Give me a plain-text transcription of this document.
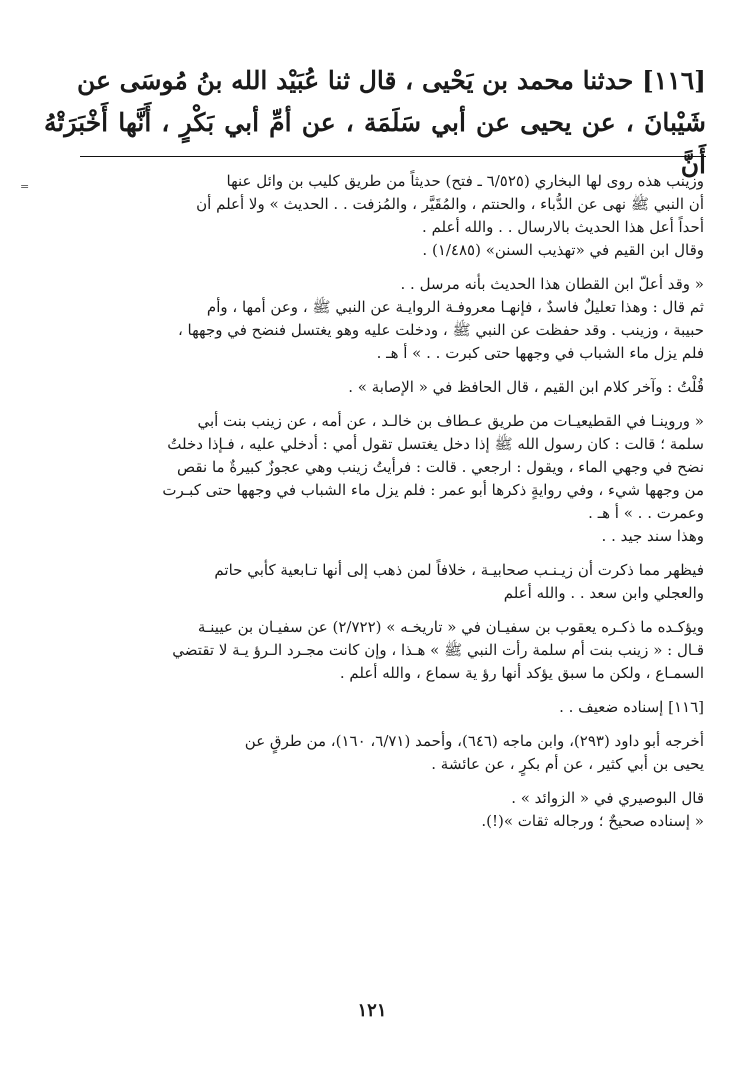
[١١٦] حدثنا محمد بن يَحْيى ، قال ثنا عُبَيْد الله بنُ مُوسَى عن

شَيْبانَ ، عن يحيى عن أبي سَلَمَة ، عن أمِّ أبي بَكْرٍ ، أَنَّها أَخْبَرَتْهُ أَنَّ

=	وزينب هذه روى لها البخاري (٦/٥٢٥ ـ فتح) حديثاً من طريق كليب بن وائل عنها

أن النبي ﷺ نهى عن الدُّباء ، والحنتم ، والمُقَيَّر ، والمُزفت . . الحديث » ولا أعلم أن

أحداً أعل هذا الحديث بالارسال . . والله أعلم .

وقال ابن القيم في «تهذيب السنن» (١/٤٨٥) .

« وقد أعلّ ابن القطان هذا الحديث بأنه مرسل . .

ثم قال : وهذا تعليلٌ فاسدٌ ، فإنهـا معروفـة الروايـة عن النبي ﷺ ، وعن أمها ، وأم

حبيبة ، وزينب . وقد حفظت عن النبي ﷺ ، ودخلت عليه وهو يغتسل فنضح في وجهها ،

فلم يزل ماء الشباب في وجهها حتى كبرت . . » أ هـ .

قُلْتُ : وآخر كلام ابن القيم ، قال الحافظ في « الإصابة » .

« وروينـا في القطيعيـات من طريق عـطاف بن خالـد ، عن أمه ، عن زينب بنت أبي

سلمة ؛ قالت : كان رسول الله ﷺ إذا دخل يغتسل تقول أمي : أدخلي عليه ، فـإذا دخلتُ

نضح في وجهي الماء ، ويقول : ارجعي . قالت : فرأيتُ زينب وهي عجوزٌ كبيرةٌ ما نقص

من وجهها شيء ، وفي روايةٍ ذكرها أبو عمر : فلم يزل ماء الشباب في وجهها حتى كبـرت

وعمرت . . » أ هـ .

وهذا سند جيد . .

فيظهر مما ذكرت أن زيـنـب صحابيـة ، خلافاً لمن ذهب إلى أنها تـابعية كأبي حاتم

والعجلي وابن سعد . . والله أعلم

ويؤكـده ما ذكـره يعقوب بن سفيـان في « تاريخـه » (٢/٧٢٢) عن سفيـان بن عيينـة

قـال : « زينب بنت أم سلمة رأت النبي ﷺ » هـذا ، وإن كانت مجـرد الـرؤ يـة لا تقتضي

السمـاع ، ولكن ما سبق يؤكد أنها رؤ ية سماع ، والله أعلم .

[١١٦] إسناده ضعيف . .

أخرجه أبو داود (٢٩٣)، وابن ماجه (٦٤٦)، وأحمد (٦/٧١، ١٦٠)، من طرقٍ عن

يحيى بن أبي كثير ، عن أم بكرٍ ، عن عائشة .

قال البوصيري في « الزوائد » .

« إسناده صحيحٌ ؛ ورجاله ثقات »(!).

١٢١
